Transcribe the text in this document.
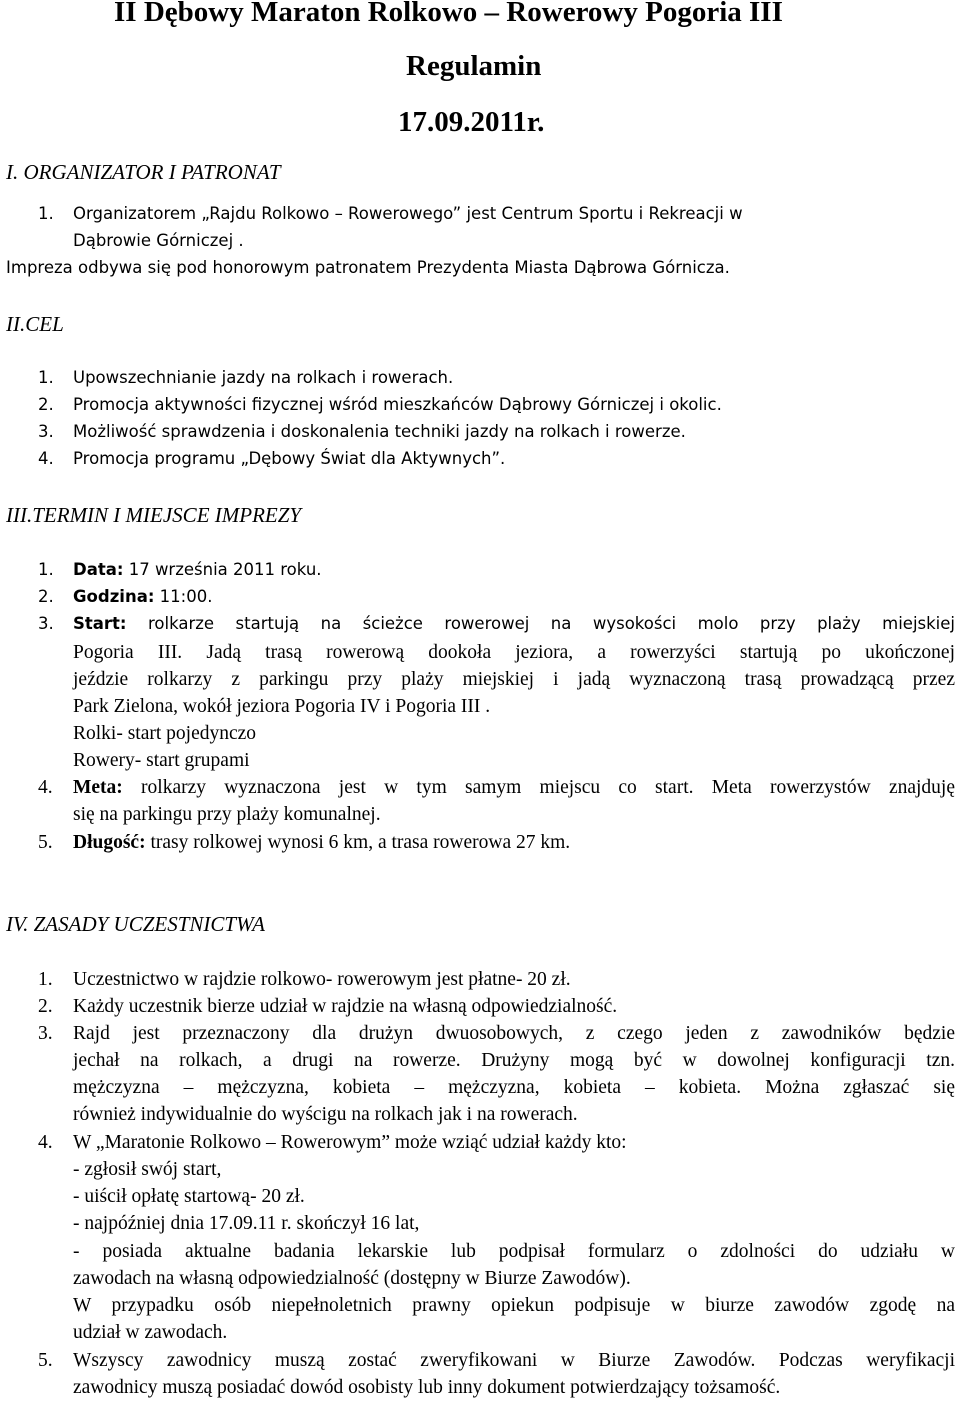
II Dębowy Maraton Rolkowo – Rowerowy Pogoria III
Regulamin
17.09.2011r.
I. ORGANIZATOR I PATRONAT
1. Organizatorem „Rajdu Rolkowo – Rowerowego” jest Centrum Sportu i Rekreacji w
Dąbrowie Górniczej .
Impreza odbywa się pod honorowym patronatem Prezydenta Miasta Dąbrowa Górnicza.
II.CEL
1. Upowszechnianie jazdy na rolkach i rowerach.
2. Promocja aktywności fizycznej wśród mieszkańców Dąbrowy Górniczej i okolic.
3. Możliwość sprawdzenia i doskonalenia techniki jazdy na rolkach i rowerze.
4. Promocja programu „Dębowy Świat dla Aktywnych”.
III.TERMIN I MIEJSCE IMPREZY
1. Data: 17 września 2011 roku.
2. Godzina: 11:00.
3. Start: rolkarze startują na ścieżce rowerowej na wysokości molo przy plaży miejskiej
Pogoria III. Jadą trasą rowerową dookoła jeziora, a rowerzyści startują po ukończonej
jeździe rolkarzy z parkingu przy plaży miejskiej i jadą wyznaczoną trasą prowadzącą przez
Park Zielona, wokół jeziora Pogoria IV i Pogoria III .
Rolki- start pojedynczo
Rowery- start grupami
4. Meta: rolkarzy wyznaczona jest w tym samym miejscu co start. Meta rowerzystów znajduję
się na parkingu przy plaży komunalnej.
5. Długość: trasy rolkowej wynosi 6 km, a trasa rowerowa 27 km.
IV. ZASADY UCZESTNICTWA
1. Uczestnictwo w rajdzie rolkowo- rowerowym jest płatne- 20 zł.
2. Każdy uczestnik bierze udział w rajdzie na własną odpowiedzialność.
3. Rajd jest przeznaczony dla drużyn dwuosobowych, z czego jeden z zawodników będzie
jechał na rolkach, a drugi na rowerze. Drużyny mogą być w dowolnej konfiguracji tzn.
mężczyzna – mężczyzna, kobieta – mężczyzna, kobieta – kobieta. Można zgłaszać się
również indywidualnie do wyścigu na rolkach jak i na rowerach.
4. W „Maratonie Rolkowo – Rowerowym” może wziąć udział każdy kto:
- zgłosił swój start,
- uiścił opłatę startową- 20 zł.
- najpóźniej dnia 17.09.11 r. skończył 16 lat,
- posiada aktualne badania lekarskie lub podpisał formularz o zdolności do udziału w
zawodach na własną odpowiedzialność (dostępny w Biurze Zawodów).
W przypadku osób niepełnoletnich prawny opiekun podpisuje w biurze zawodów zgodę na
udział w zawodach.
5. Wszyscy zawodnicy muszą zostać zweryfikowani w Biurze Zawodów. Podczas weryfikacji
zawodnicy muszą posiadać dowód osobisty lub inny dokument potwierdzający tożsamość.
